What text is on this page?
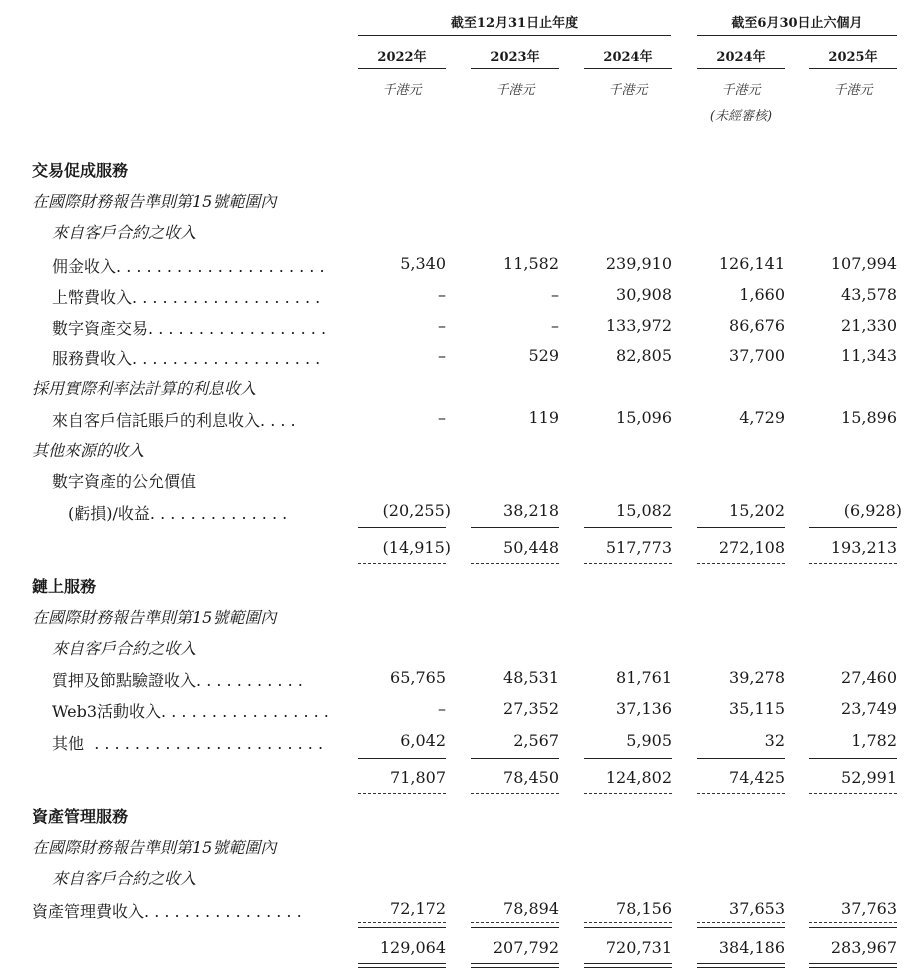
截至12月31日止年度	截至6月30日止六個月
2022年	2023年	2024年	2024年	2025年
千港元	千港元	千港元	千港元	千港元
(未經審核)
交易促成服務
在國際財務報告準則第15號範圍內
來自客戶合約之收入
佣金收入. . . . . . . . . . . . . . . . . . . . .	5,340	11,582	239,910	126,141	107,994
上幣費收入. . . . . . . . . . . . . . . . . . .	–	–	30,908	1,660	43,578
數字資產交易. . . . . . . . . . . . . . . . . .	–	–	133,972	86,676	21,330
服務費收入. . . . . . . . . . . . . . . . . . .	–	529	82,805	37,700	11,343
採用實際利率法計算的利息收入
來自客戶信託賬戶的利息收入. . . .	–	119	15,096	4,729	15,896
其他來源的收入
數字資產的公允價值
(虧損)/收益. . . . . . . . . . . . . .	(20,255)	38,218	15,082	15,202	(6,928)
(14,915)	50,448	517,773	272,108	193,213
鏈上服務
在國際財務報告準則第15號範圍內
來自客戶合約之收入
質押及節點驗證收入. . . . . . . . . . .	65,765	48,531	81,761	39,278	27,460
Web3活動收入. . . . . . . . . . . . . . . . .	–	27,352	37,136	35,115	23,749
其他 . . . . . . . . . . . . . . . . . . . . . . .	6,042	2,567	5,905	32	1,782
71,807	78,450	124,802	74,425	52,991
資產管理服務
在國際財務報告準則第15號範圍內
來自客戶合約之收入
資產管理費收入. . . . . . . . . . . . . . . .	72,172	78,894	78,156	37,653	37,763
129,064	207,792	720,731	384,186	283,967
